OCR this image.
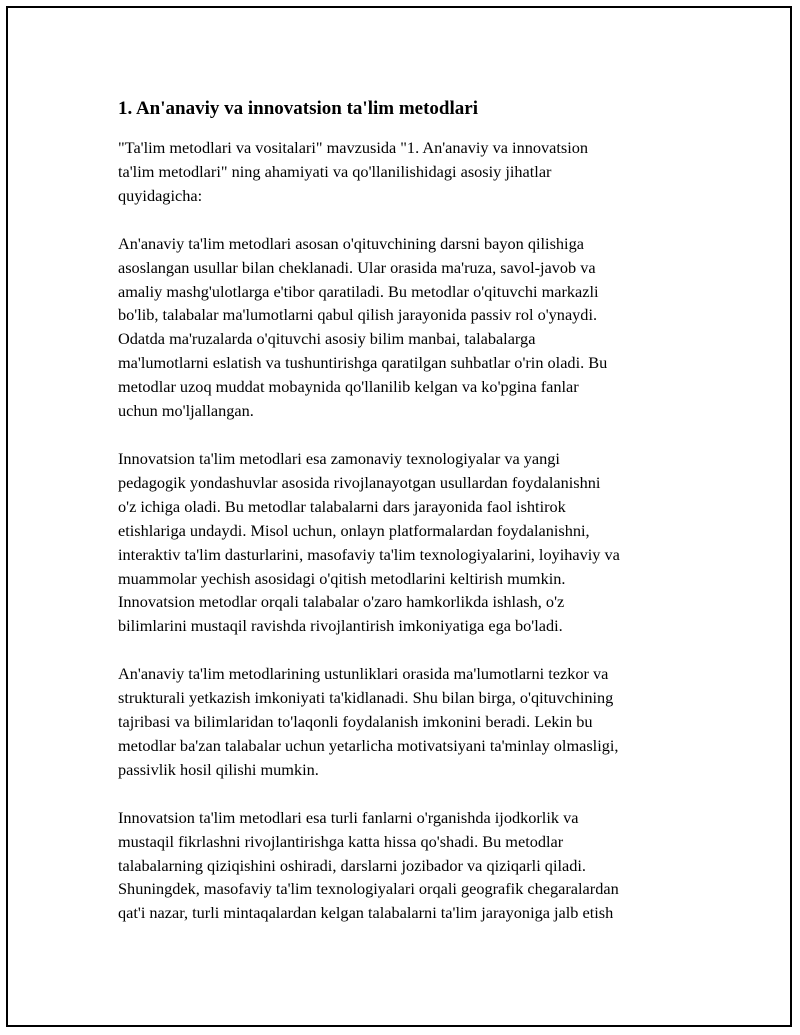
1. An'anaviy va innovatsion ta'lim metodlari

"Ta'lim metodlari va vositalari" mavzusida "1. An'anaviy va innovatsion
ta'lim metodlari" ning ahamiyati va qo'llanilishidagi asosiy jihatlar
quyidagicha:

An'anaviy ta'lim metodlari asosan o'qituvchining darsni bayon qilishiga
asoslangan usullar bilan cheklanadi. Ular orasida ma'ruza, savol-javob va
amaliy mashg'ulotlarga e'tibor qaratiladi. Bu metodlar o'qituvchi markazli
bo'lib, talabalar ma'lumotlarni qabul qilish jarayonida passiv rol o'ynaydi.
Odatda ma'ruzalarda o'qituvchi asosiy bilim manbai, talabalarga
ma'lumotlarni eslatish va tushuntirishga qaratilgan suhbatlar o'rin oladi. Bu
metodlar uzoq muddat mobaynida qo'llanilib kelgan va ko'pgina fanlar
uchun mo'ljallangan.

Innovatsion ta'lim metodlari esa zamonaviy texnologiyalar va yangi
pedagogik yondashuvlar asosida rivojlanayotgan usullardan foydalanishni
o'z ichiga oladi. Bu metodlar talabalarni dars jarayonida faol ishtirok
etishlariga undaydi. Misol uchun, onlayn platformalardan foydalanishni,
interaktiv ta'lim dasturlarini, masofaviy ta'lim texnologiyalarini, loyihaviy va
muammolar yechish asosidagi o'qitish metodlarini keltirish mumkin.
Innovatsion metodlar orqali talabalar o'zaro hamkorlikda ishlash, o'z
bilimlarini mustaqil ravishda rivojlantirish imkoniyatiga ega bo'ladi.

An'anaviy ta'lim metodlarining ustunliklari orasida ma'lumotlarni tezkor va
strukturali yetkazish imkoniyati ta'kidlanadi. Shu bilan birga, o'qituvchining
tajribasi va bilimlaridan to'laqonli foydalanish imkonini beradi. Lekin bu
metodlar ba'zan talabalar uchun yetarlicha motivatsiyani ta'minlay olmasligi,
passivlik hosil qilishi mumkin.

Innovatsion ta'lim metodlari esa turli fanlarni o'rganishda ijodkorlik va
mustaqil fikrlashni rivojlantirishga katta hissa qo'shadi. Bu metodlar
talabalarning qiziqishini oshiradi, darslarni jozibador va qiziqarli qiladi.
Shuningdek, masofaviy ta'lim texnologiyalari orqali geografik chegaralardan
qat'i nazar, turli mintaqalardan kelgan talabalarni ta'lim jarayoniga jalb etish
